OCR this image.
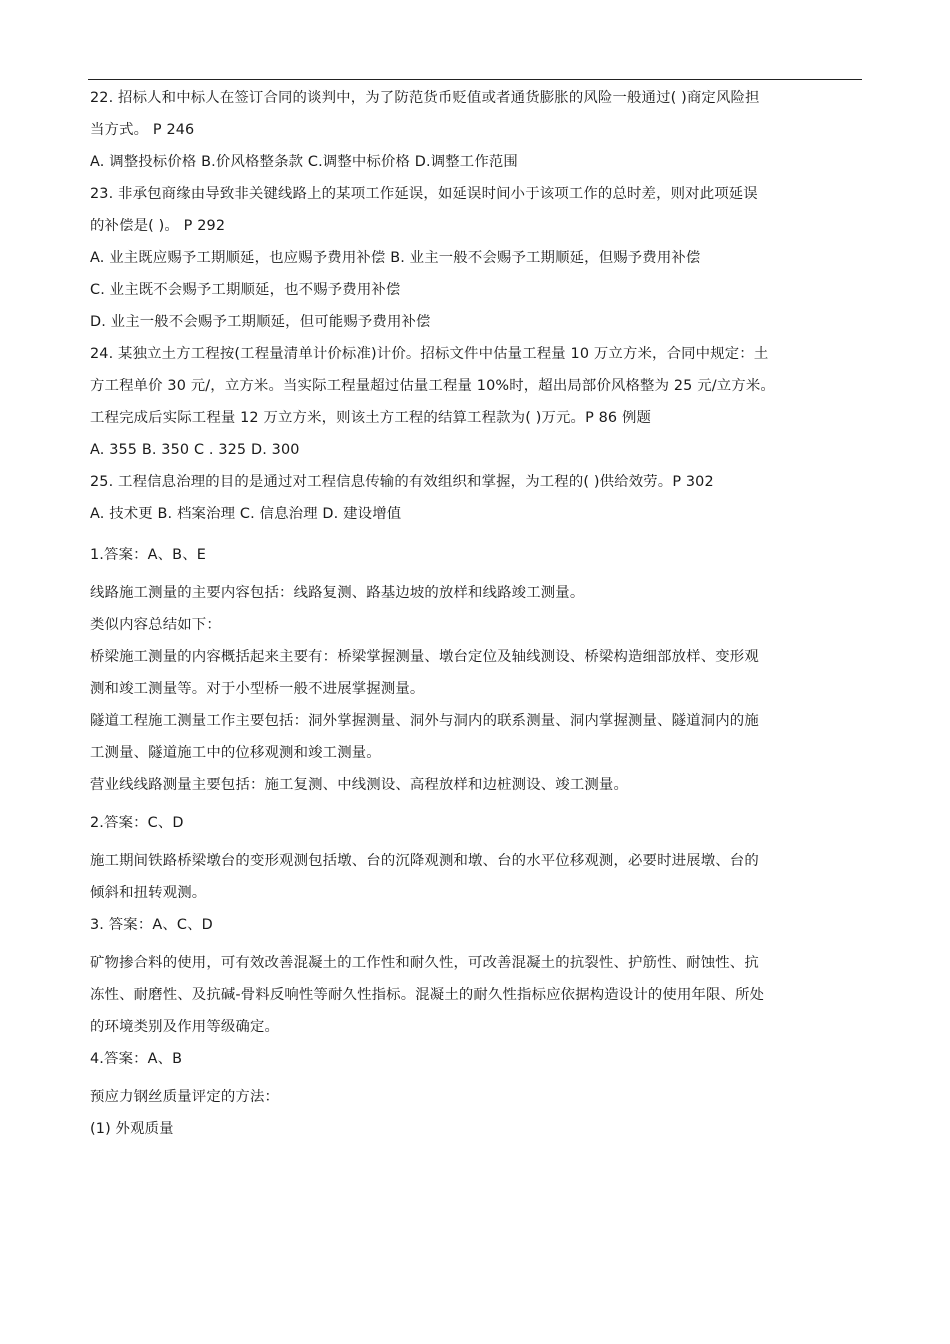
22. 招标人和中标人在签订合同的谈判中，为了防范货币贬值或者通货膨胀的风险一般通过( )商定风险担
当方式。 P 246
A. 调整投标价格 B.价风格整条款 C.调整中标价格 D.调整工作范围
23. 非承包商缘由导致非关键线路上的某项工作延误，如延误时间小于该项工作的总时差，则对此项延误
的补偿是( )。 P 292
A. 业主既应赐予工期顺延，也应赐予费用补偿 B. 业主一般不会赐予工期顺延，但赐予费用补偿
C. 业主既不会赐予工期顺延，也不赐予费用补偿
D. 业主一般不会赐予工期顺延，但可能赐予费用补偿
24. 某独立土方工程按(工程量清单计价标准)计价。招标文件中估量工程量 10 万立方米，合同中规定：土
方工程单价 30 元/，立方米。当实际工程量超过估量工程量 10%时，超出局部价风格整为 25 元/立方米。
工程完成后实际工程量 12 万立方米，则该土方工程的结算工程款为( )万元。P 86 例题
A. 355 B. 350 C . 325 D. 300
25. 工程信息治理的目的是通过对工程信息传输的有效组织和掌握，为工程的( )供给效劳。P 302
A. 技术更 B. 档案治理 C. 信息治理 D. 建设增值
1.答案：A、B、E
线路施工测量的主要内容包括：线路复测、路基边坡的放样和线路竣工测量。
类似内容总结如下：
桥梁施工测量的内容概括起来主要有：桥梁掌握测量、墩台定位及轴线测设、桥梁构造细部放样、变形观
测和竣工测量等。对于小型桥一般不进展掌握测量。
隧道工程施工测量工作主要包括：洞外掌握测量、洞外与洞内的联系测量、洞内掌握测量、隧道洞内的施
工测量、隧道施工中的位移观测和竣工测量。
营业线线路测量主要包括：施工复测、中线测设、高程放样和边桩测设、竣工测量。
2.答案：C、D
施工期间铁路桥梁墩台的变形观测包括墩、台的沉降观测和墩、台的水平位移观测，必要时进展墩、台的
倾斜和扭转观测。
3. 答案：A、C、D
矿物掺合料的使用，可有效改善混凝土的工作性和耐久性，可改善混凝土的抗裂性、护筋性、耐蚀性、抗
冻性、耐磨性、及抗碱-骨料反响性等耐久性指标。混凝土的耐久性指标应依据构造设计的使用年限、所处
的环境类别及作用等级确定。
4.答案：A、B
预应力钢丝质量评定的方法：
(1) 外观质量
